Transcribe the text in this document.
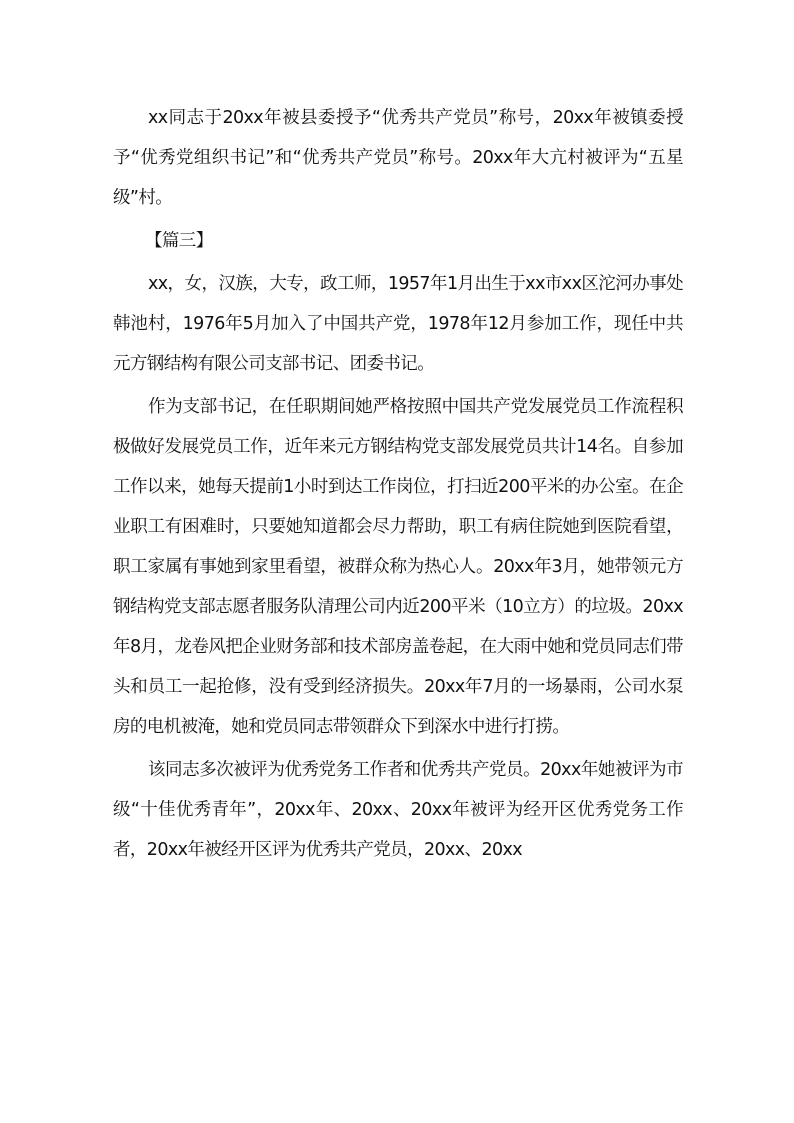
xx同志于20xx年被县委授予“优秀共产党员”称号，20xx年被镇委授予“优秀党组织书记”和“优秀共产党员”称号。20xx年大亢村被评为“五星级”村。

【篇三】

xx，女，汉族，大专，政工师，1957年1月出生于xx市xx区沱河办事处韩池村，1976年5月加入了中国共产党，1978年12月参加工作，现任中共元方钢结构有限公司支部书记、团委书记。

作为支部书记，在任职期间她严格按照中国共产党发展党员工作流程积极做好发展党员工作，近年来元方钢结构党支部发展党员共计14名。自参加工作以来，她每天提前1小时到达工作岗位，打扫近200平米的办公室。在企业职工有困难时，只要她知道都会尽力帮助，职工有病住院她到医院看望，职工家属有事她到家里看望，被群众称为热心人。20xx年3月，她带领元方钢结构党支部志愿者服务队清理公司内近200平米（10立方）的垃圾。20xx年8月，龙卷风把企业财务部和技术部房盖卷起，在大雨中她和党员同志们带头和员工一起抢修，没有受到经济损失。20xx年7月的一场暴雨，公司水泵房的电机被淹，她和党员同志带领群众下到深水中进行打捞。

该同志多次被评为优秀党务工作者和优秀共产党员。20xx年她被评为市级“十佳优秀青年”，20xx年、20xx、20xx年被评为经开区优秀党务工作者，20xx年被经开区评为优秀共产党员，20xx、20xx
